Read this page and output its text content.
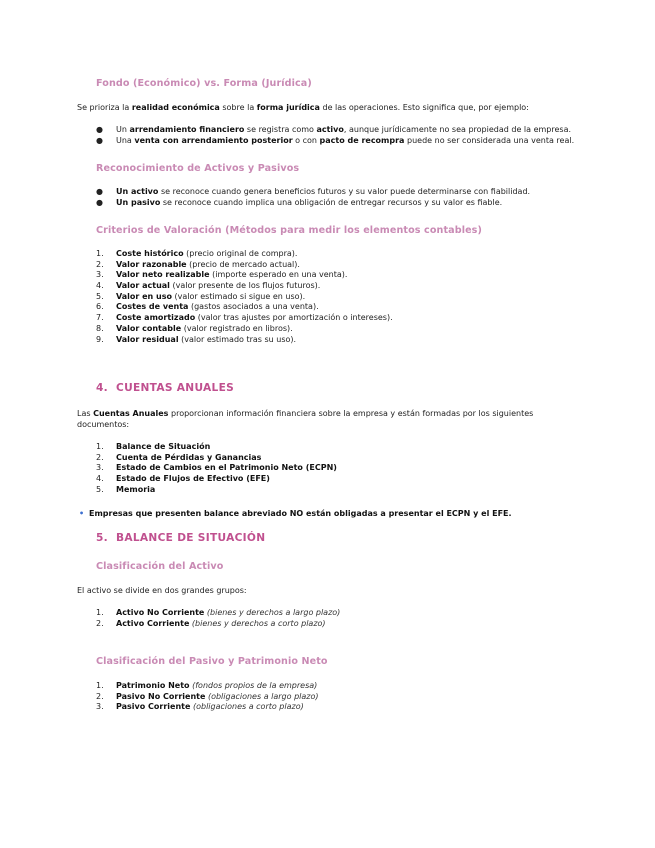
Fondo (Económico) vs. Forma (Jurídica)
Se prioriza la realidad económica sobre la forma jurídica de las operaciones. Esto significa que, por ejemplo:
●	Un arrendamiento financiero se registra como activo, aunque jurídicamente no sea propiedad de la empresa.
●	Una venta con arrendamiento posterior o con pacto de recompra puede no ser considerada una venta real.
Reconocimiento de Activos y Pasivos
●	Un activo se reconoce cuando genera beneficios futuros y su valor puede determinarse con fiabilidad.
●	Un pasivo se reconoce cuando implica una obligación de entregar recursos y su valor es fiable.
Criterios de Valoración (Métodos para medir los elementos contables)
1.	Coste histórico (precio original de compra).
2.	Valor razonable (precio de mercado actual).
3.	Valor neto realizable (importe esperado en una venta).
4.	Valor actual (valor presente de los flujos futuros).
5.	Valor en uso (valor estimado si sigue en uso).
6.	Costes de venta (gastos asociados a una venta).
7.	Coste amortizado (valor tras ajustes por amortización o intereses).
8.	Valor contable (valor registrado en libros).
9.	Valor residual (valor estimado tras su uso).
4. CUENTAS ANUALES
Las Cuentas Anuales proporcionan información financiera sobre la empresa y están formadas por los siguientes documentos:
1.	Balance de Situación
2.	Cuenta de Pérdidas y Ganancias
3.	Estado de Cambios en el Patrimonio Neto (ECPN)
4.	Estado de Flujos de Efectivo (EFE)
5.	Memoria
• Empresas que presenten balance abreviado NO están obligadas a presentar el ECPN y el EFE.
5. BALANCE DE SITUACIÓN
Clasificación del Activo
El activo se divide en dos grandes grupos:
1.	Activo No Corriente (bienes y derechos a largo plazo)
2.	Activo Corriente (bienes y derechos a corto plazo)
Clasificación del Pasivo y Patrimonio Neto
1.	Patrimonio Neto (fondos propios de la empresa)
2.	Pasivo No Corriente (obligaciones a largo plazo)
3.	Pasivo Corriente (obligaciones a corto plazo)
